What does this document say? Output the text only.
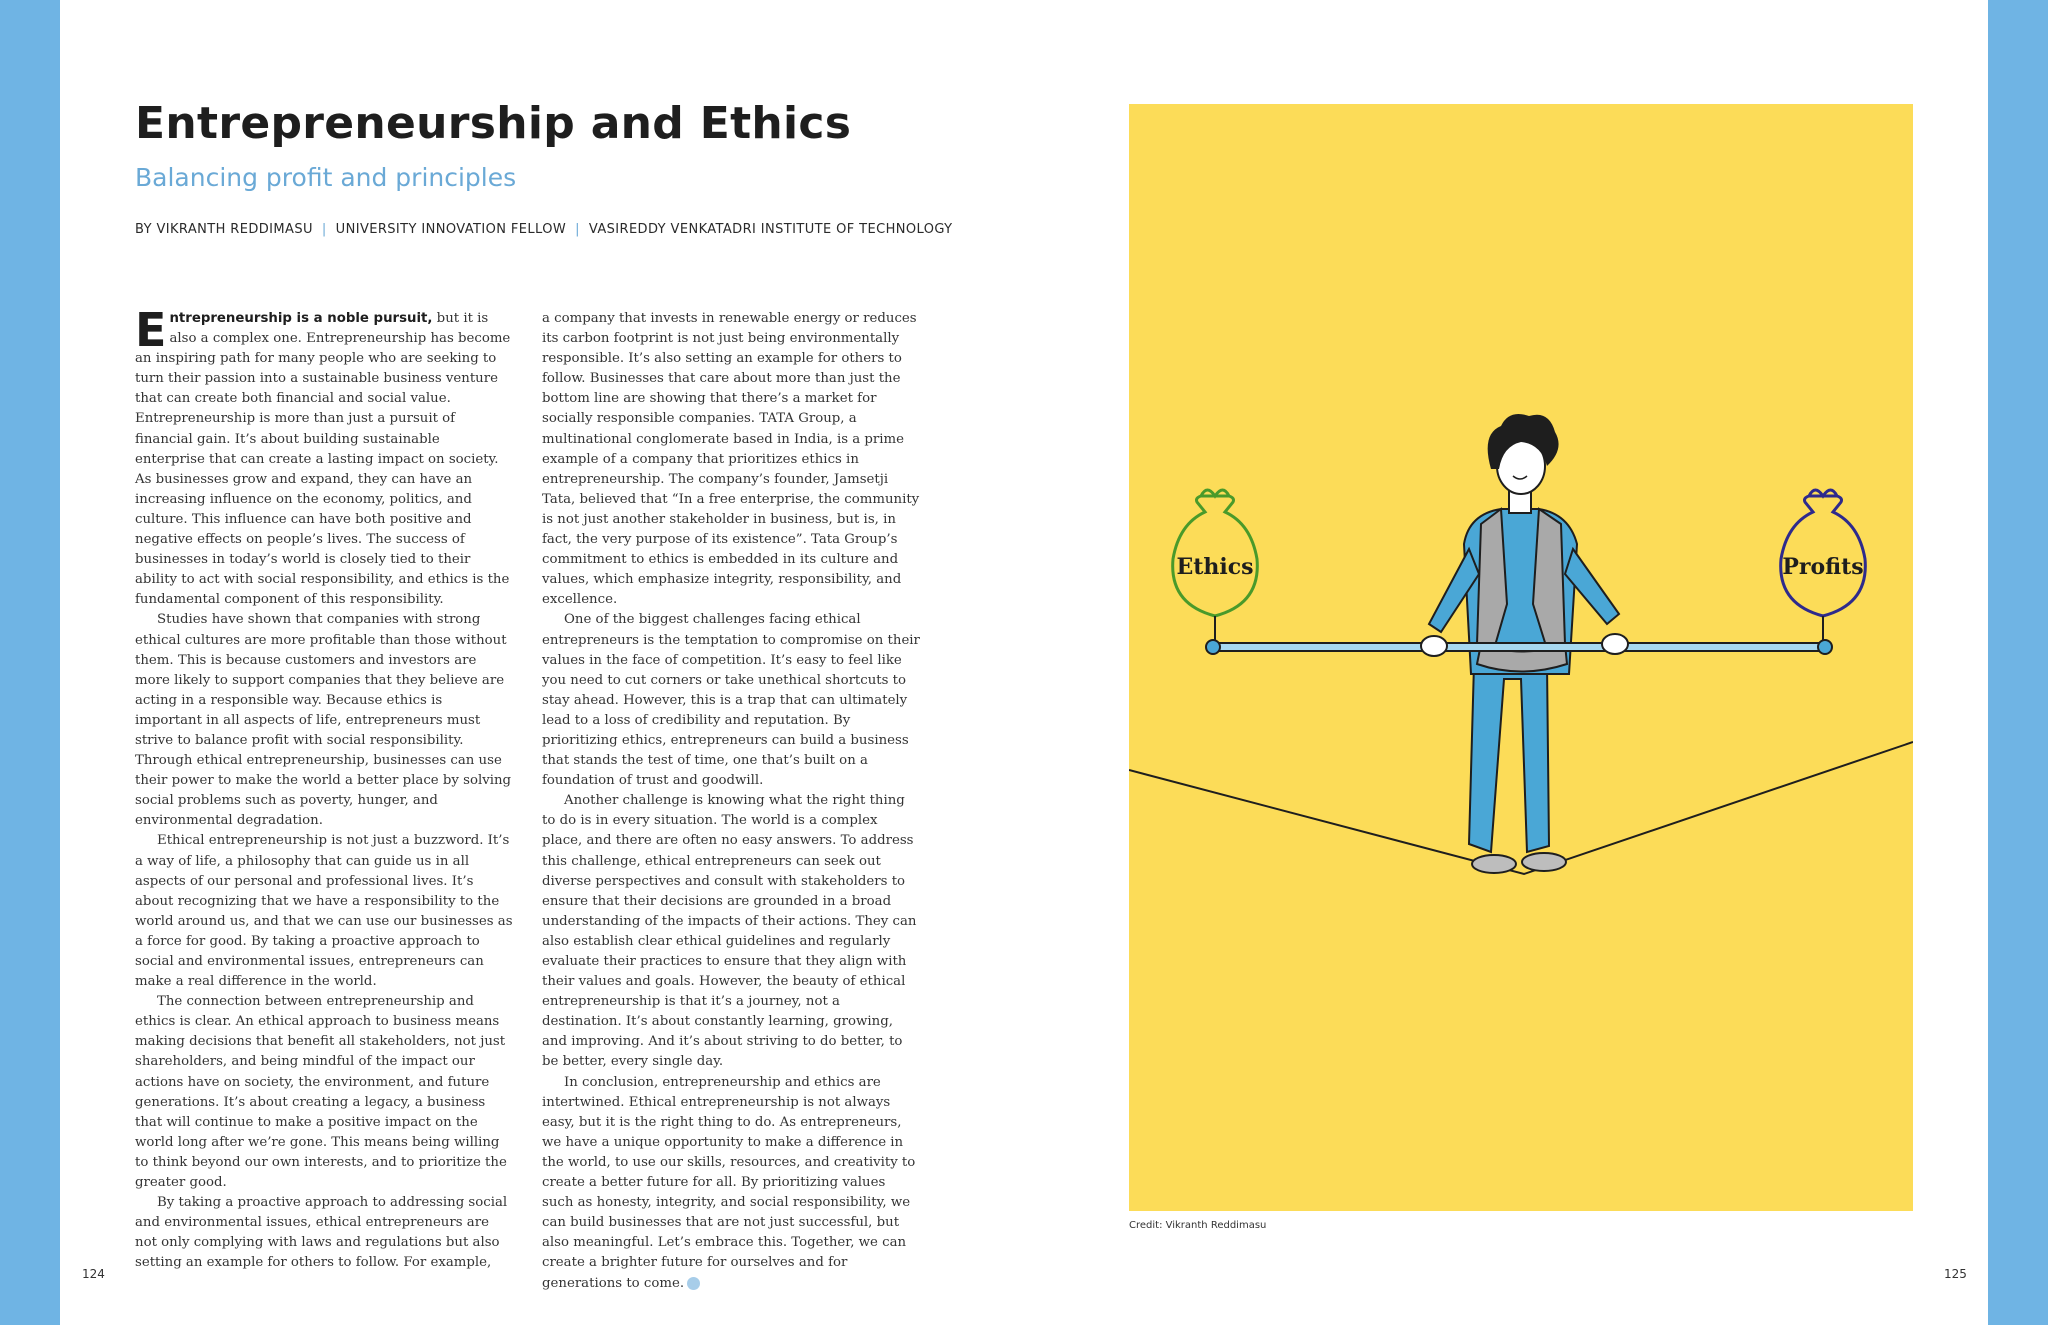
Entrepreneurship and Ethics
Balancing profit and principles
BY VIKRANTH REDDIMASU | UNIVERSITY INNOVATION FELLOW | VASIREDDY VENKATADRI INSTITUTE OF TECHNOLOGY

Entrepreneurship is a noble pursuit, but it is also a complex one. Entrepreneurship has become an inspiring path for many people who are seeking to turn their passion into a sustainable business venture that can create both financial and social value. Entrepreneurship is more than just a pursuit of financial gain. It’s about building sustainable enterprise that can create a lasting impact on society. As businesses grow and expand, they can have an increasing influence on the economy, politics, and culture. This influence can have both positive and negative effects on people’s lives. The success of businesses in today’s world is closely tied to their ability to act with social responsibility, and ethics is the fundamental component of this responsibility.

Studies have shown that companies with strong ethical cultures are more profitable than those without them. This is because customers and investors are more likely to support companies that they believe are acting in a responsible way. Because ethics is important in all aspects of life, entrepreneurs must strive to balance profit with social responsibility. Through ethical entrepreneurship, businesses can use their power to make the world a better place by solving social problems such as poverty, hunger, and environmental degradation.

Ethical entrepreneurship is not just a buzzword. It’s a way of life, a philosophy that can guide us in all aspects of our personal and professional lives. It’s about recognizing that we have a responsibility to the world around us, and that we can use our businesses as a force for good. By taking a proactive approach to social and environmental issues, entrepreneurs can make a real difference in the world.

The connection between entrepreneurship and ethics is clear. An ethical approach to business means making decisions that benefit all stakeholders, not just shareholders, and being mindful of the impact our actions have on society, the environment, and future generations. It’s about creating a legacy, a business that will continue to make a positive impact on the world long after we’re gone. This means being willing to think beyond our own interests, and to prioritize the greater good.

By taking a proactive approach to addressing social and environmental issues, ethical entrepreneurs are not only complying with laws and regulations but also setting an example for others to follow. For example,

a company that invests in renewable energy or reduces its carbon footprint is not just being environmentally responsible. It’s also setting an example for others to follow. Businesses that care about more than just the bottom line are showing that there’s a market for socially responsible companies. TATA Group, a multinational conglomerate based in India, is a prime example of a company that prioritizes ethics in entrepreneurship. The company’s founder, Jamsetji Tata, believed that “In a free enterprise, the community is not just another stakeholder in business, but is, in fact, the very purpose of its existence”. Tata Group’s commitment to ethics is embedded in its culture and values, which emphasize integrity, responsibility, and excellence.

One of the biggest challenges facing ethical entrepreneurs is the temptation to compromise on their values in the face of competition. It’s easy to feel like you need to cut corners or take unethical shortcuts to stay ahead. However, this is a trap that can ultimately lead to a loss of credibility and reputation. By prioritizing ethics, entrepreneurs can build a business that stands the test of time, one that’s built on a foundation of trust and goodwill.

Another challenge is knowing what the right thing to do is in every situation. The world is a complex place, and there are often no easy answers. To address this challenge, ethical entrepreneurs can seek out diverse perspectives and consult with stakeholders to ensure that their decisions are grounded in a broad understanding of the impacts of their actions. They can also establish clear ethical guidelines and regularly evaluate their practices to ensure that they align with their values and goals. However, the beauty of ethical entrepreneurship is that it’s a journey, not a destination. It’s about constantly learning, growing, and improving. And it’s about striving to do better, to be better, every single day.

In conclusion, entrepreneurship and ethics are intertwined. Ethical entrepreneurship is not always easy, but it is the right thing to do. As entrepreneurs, we have a unique opportunity to make a difference in the world, to use our skills, resources, and creativity to create a better future for all. By prioritizing values such as honesty, integrity, and social responsibility, we can build businesses that are not just successful, but also meaningful. Let’s embrace this. Together, we can create a brighter future for ourselves and for generations to come.

Ethics	Profits
Credit: Vikranth Reddimasu
124	125
